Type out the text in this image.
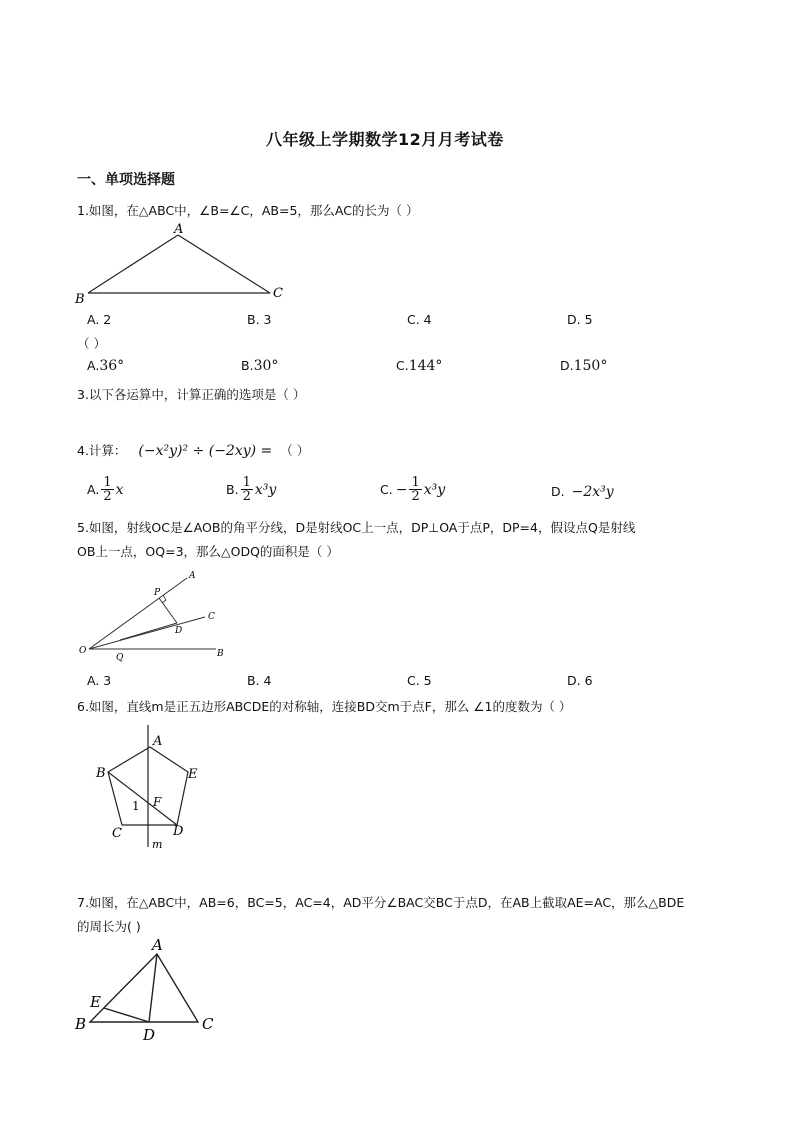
八年级上学期数学12月月考试卷
一、单项选择题
1.如图，在△ABC中，∠B=∠C，AB=5，那么AC的长为（ ）
A
B	C
A. 2	B. 3	C. 4	D. 5
（ ）
A.36°	B.30°	C.144°	D.150°
3.以下各运算中，计算正确的选项是（ ）
4.计算： (−x²y)² ÷ (−2xy) = （ ）
A. $\frac{1}{2}$ x	B. $\frac{1}{2} x^3y$	C. − $\frac{1}{2} x^3y$	D. −2x³y
5.如图，射线OC是∠AOB的角平分线，D是射线OC上一点，DP⊥OA于点P，DP=4，假设点Q是射线
OB上一点，OQ=3，那么△ODQ的面积是（ ）
A
P
C
D
O
Q	B
A. 3	B. 4	C. 5	D. 6
6.如图，直线m是正五边形ABCDE的对称轴，连接BD交m于点F，那么 ∠1的度数为（ ）
A
B	E
F
1
C	D
m
7.如图，在△ABC中，AB=6，BC=5，AC=4，AD平分∠BAC交BC于点D，在AB上截取AE=AC，那么△BDE
的周长为( )
A
E
B	C
D
